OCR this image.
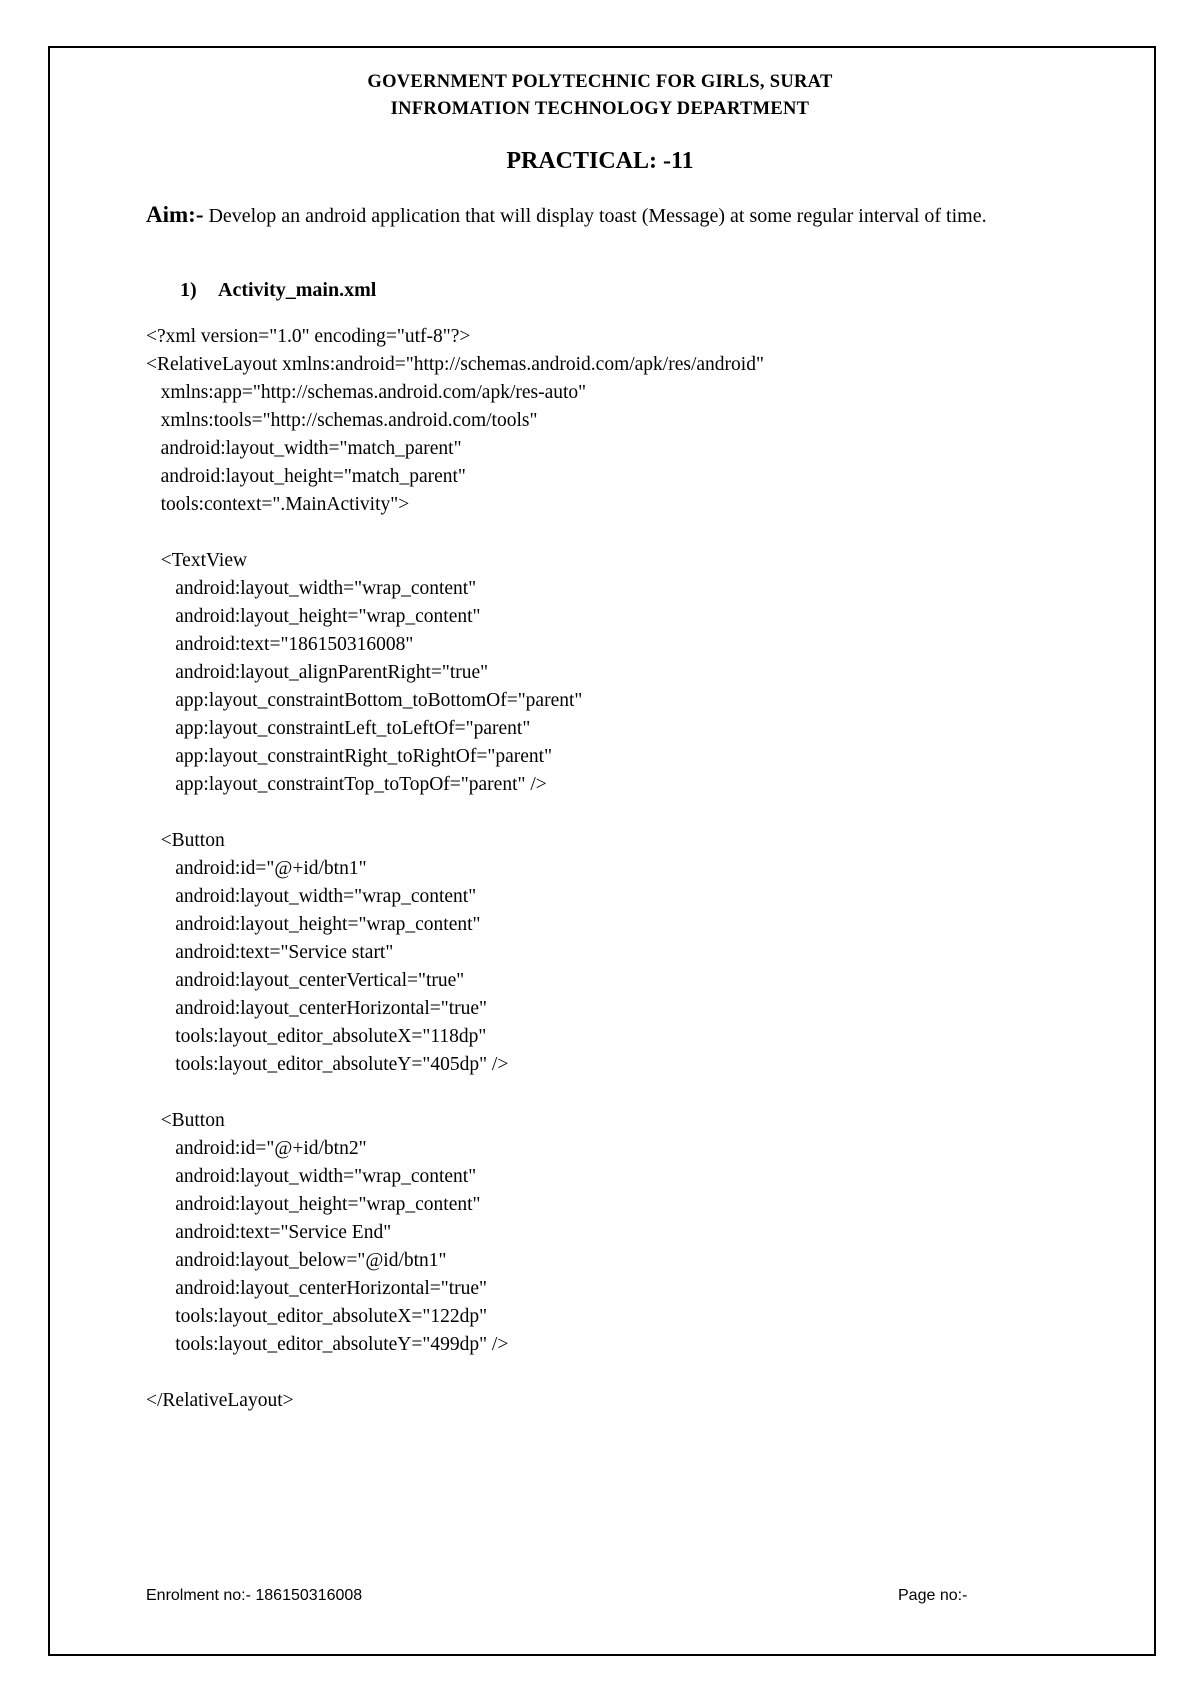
GOVERNMENT POLYTECHNIC FOR GIRLS, SURAT
INFROMATION TECHNOLOGY DEPARTMENT
PRACTICAL: -11
Aim:- Develop an android application that will display toast (Message) at some regular interval of time.
1) Activity_main.xml
<?xml version="1.0" encoding="utf-8"?>
<RelativeLayout xmlns:android="http://schemas.android.com/apk/res/android"
xmlns:app="http://schemas.android.com/apk/res-auto"
xmlns:tools="http://schemas.android.com/tools"
android:layout_width="match_parent"
android:layout_height="match_parent"
tools:context=".MainActivity">

<TextView
android:layout_width="wrap_content"
android:layout_height="wrap_content"
android:text="186150316008"
android:layout_alignParentRight="true"
app:layout_constraintBottom_toBottomOf="parent"
app:layout_constraintLeft_toLeftOf="parent"
app:layout_constraintRight_toRightOf="parent"
app:layout_constraintTop_toTopOf="parent" />

<Button
android:id="@+id/btn1"
android:layout_width="wrap_content"
android:layout_height="wrap_content"
android:text="Service start"
android:layout_centerVertical="true"
android:layout_centerHorizontal="true"
tools:layout_editor_absoluteX="118dp"
tools:layout_editor_absoluteY="405dp" />

<Button
android:id="@+id/btn2"
android:layout_width="wrap_content"
android:layout_height="wrap_content"
android:text="Service End"
android:layout_below="@id/btn1"
android:layout_centerHorizontal="true"
tools:layout_editor_absoluteX="122dp"
tools:layout_editor_absoluteY="499dp" />

</RelativeLayout>
Enrolment no:- 186150316008	Page no:-
